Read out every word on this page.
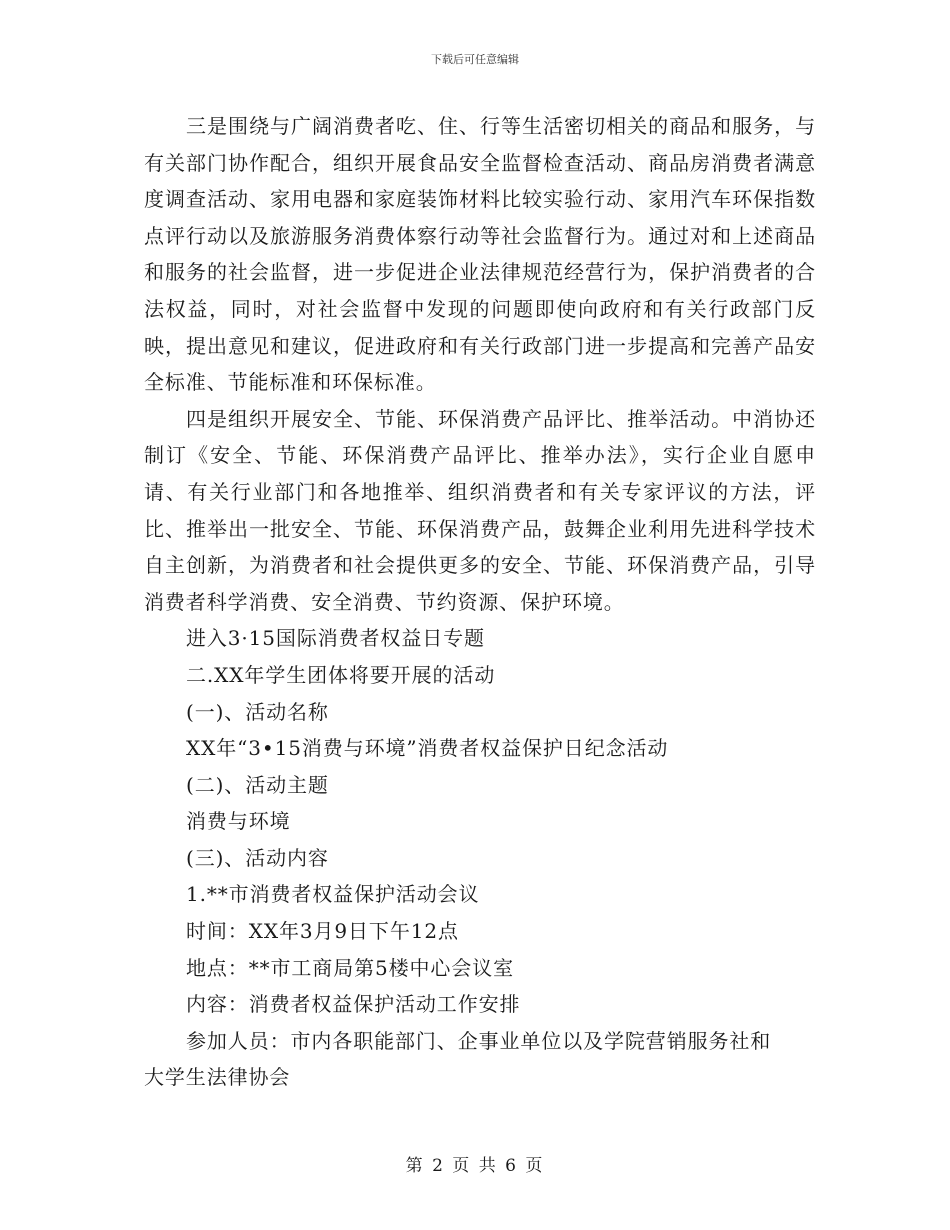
下载后可任意编辑

三是围绕与广阔消费者吃、住、行等生活密切相关的商品和服务，与有关部门协作配合，组织开展食品安全监督检查活动、商品房消费者满意度调查活动、家用电器和家庭装饰材料比较实验行动、家用汽车环保指数点评行动以及旅游服务消费体察行动等社会监督行为。通过对和上述商品和服务的社会监督，进一步促进企业法律规范经营行为，保护消费者的合法权益，同时，对社会监督中发现的问题即使向政府和有关行政部门反映，提出意见和建议，促进政府和有关行政部门进一步提高和完善产品安全标准、节能标准和环保标准。

四是组织开展安全、节能、环保消费产品评比、推举活动。中消协还制订《安全、节能、环保消费产品评比、推举办法》，实行企业自愿申请、有关行业部门和各地推举、组织消费者和有关专家评议的方法，评比、推举出一批安全、节能、环保消费产品，鼓舞企业利用先进科学技术自主创新，为消费者和社会提供更多的安全、节能、环保消费产品，引导消费者科学消费、安全消费、节约资源、保护环境。

进入3·15国际消费者权益日专题

二.XX年学生团体将要开展的活动

(一)、活动名称

XX年“3•15消费与环境”消费者权益保护日纪念活动

(二)、活动主题

消费与环境

(三)、活动内容

1.**市消费者权益保护活动会议

时间：XX年3月9日下午12点

地点：**市工商局第5楼中心会议室

内容：消费者权益保护活动工作安排

参加人员：市内各职能部门、企事业单位以及学院营销服务社和

大学生法律协会

第 2 页 共 6 页
